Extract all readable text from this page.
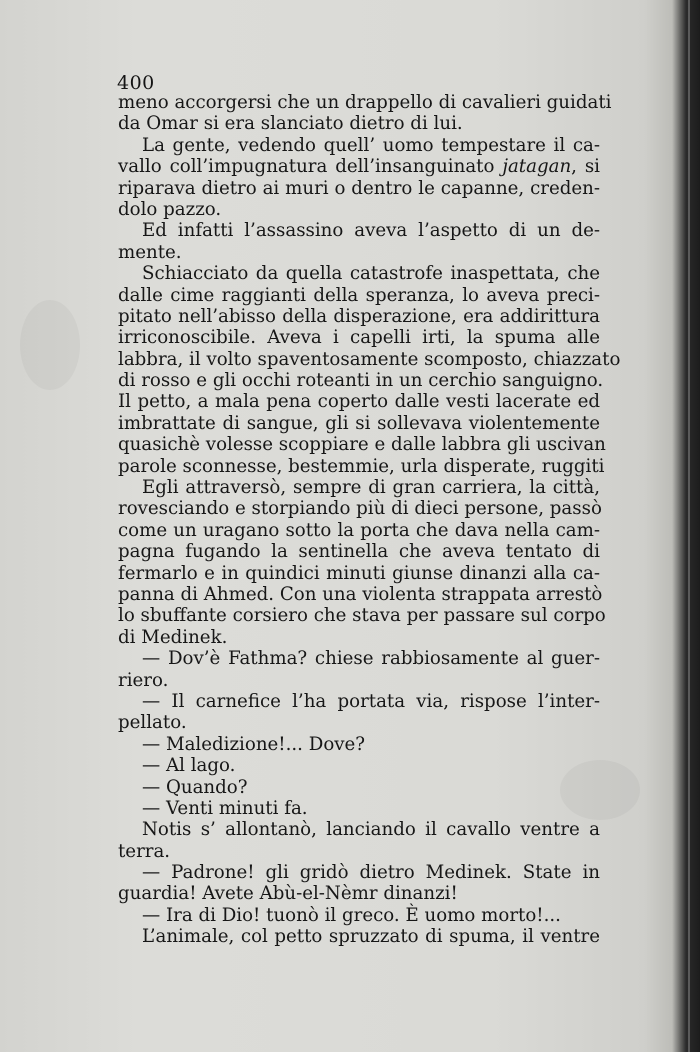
400
meno accorgersi che un drappello di cavalieri guidati
da Omar si era slanciato dietro di lui.
La gente, vedendo quell’ uomo tempestare il ca-
vallo coll’impugnatura dell’insanguinato jatagan, si
riparava dietro ai muri o dentro le capanne, creden-
dolo pazzo.
Ed infatti l’assassino aveva l’aspetto di un de-
mente.
Schiacciato da quella catastrofe inaspettata, che
dalle cime raggianti della speranza, lo aveva preci-
pitato nell’abisso della disperazione, era addirittura
irriconoscibile. Aveva i capelli irti, la spuma alle
labbra, il volto spaventosamente scomposto, chiazzato
di rosso e gli occhi roteanti in un cerchio sanguigno.
Il petto, a mala pena coperto dalle vesti lacerate ed
imbrattate di sangue, gli si sollevava violentemente
quasichè volesse scoppiare e dalle labbra gli uscivan
parole sconnesse, bestemmie, urla disperate, ruggiti
Egli attraversò, sempre di gran carriera, la città,
rovesciando e storpiando più di dieci persone, passò
come un uragano sotto la porta che dava nella cam-
pagna fugando la sentinella che aveva tentato di
fermarlo e in quindici minuti giunse dinanzi alla ca-
panna di Ahmed. Con una violenta strappata arrestò
lo sbuffante corsiero che stava per passare sul corpo
di Medinek.
— Dov’è Fathma? chiese rabbiosamente al guer-
riero.
— Il carnefice l’ha portata via, rispose l’inter-
pellato.
— Maledizione!... Dove?
— Al lago.
— Quando?
— Venti minuti fa.
Notis s’ allontanò, lanciando il cavallo ventre a
terra.
— Padrone! gli gridò dietro Medinek. State in
guardia! Avete Abù-el-Nèmr dinanzi!
— Ira di Dio! tuonò il greco. È uomo morto!...
L’animale, col petto spruzzato di spuma, il ventre
